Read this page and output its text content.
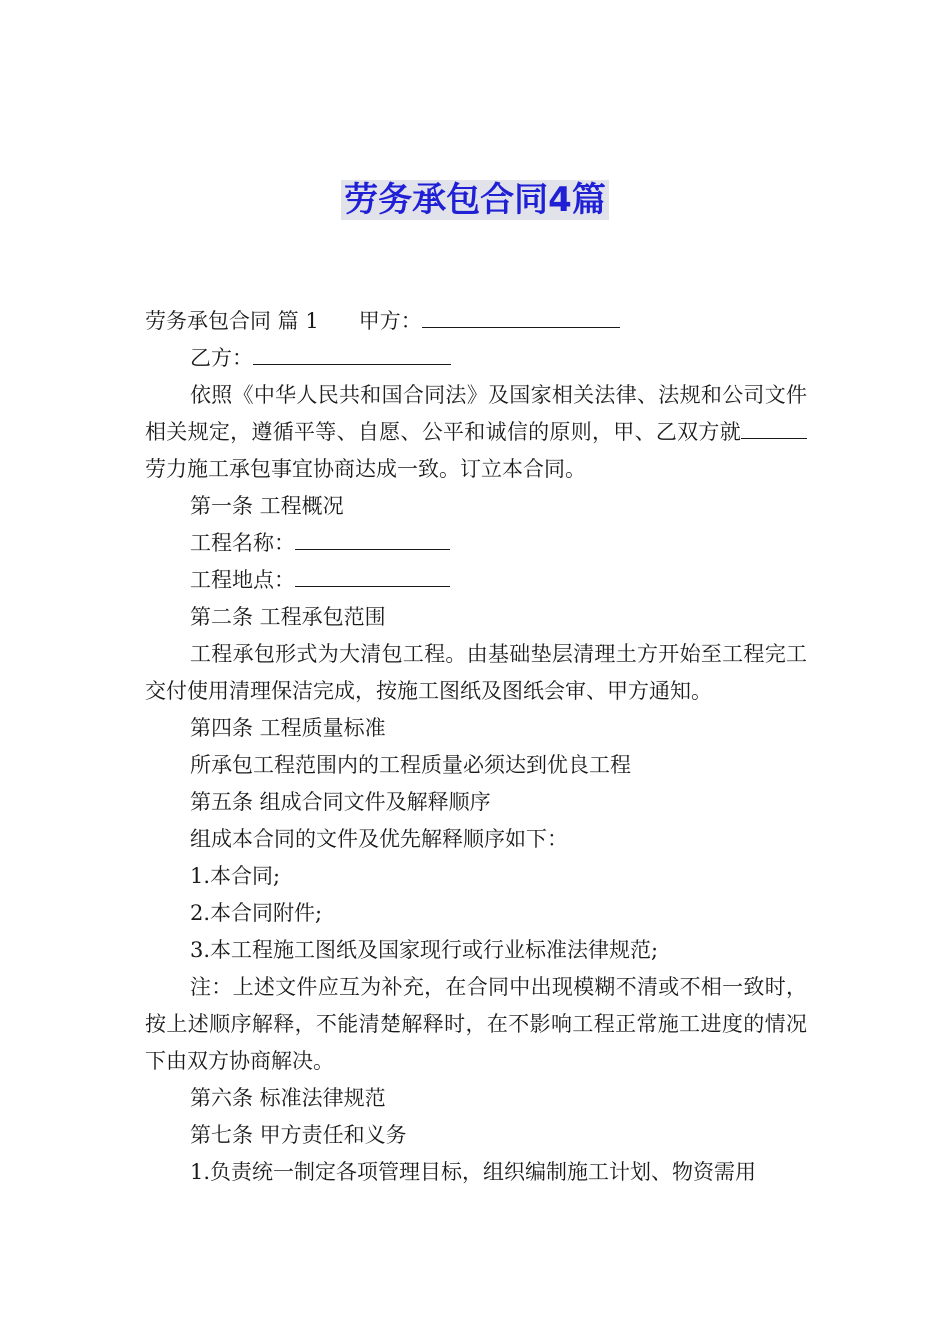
劳务承包合同4篇

劳务承包合同 篇 1 甲方：

乙方：

依照《中华人民共和国合同法》及国家相关法律、法规和公司文件相关规定，遵循平等、自愿、公平和诚信的原则，甲、乙双方就劳力施工承包事宜协商达成一致。订立本合同。

第一条 工程概况

工程名称：

工程地点：

第二条 工程承包范围

工程承包形式为大清包工程。由基础垫层清理土方开始至工程完工交付使用清理保洁完成，按施工图纸及图纸会审、甲方通知。

第四条 工程质量标准

所承包工程范围内的工程质量必须达到优良工程

第五条 组成合同文件及解释顺序

组成本合同的文件及优先解释顺序如下：

1.本合同;

2.本合同附件;

3.本工程施工图纸及国家现行或行业标准法律规范;

注：上述文件应互为补充，在合同中出现模糊不清或不相一致时，按上述顺序解释，不能清楚解释时，在不影响工程正常施工进度的情况下由双方协商解决。

第六条 标准法律规范

第七条 甲方责任和义务

1.负责统一制定各项管理目标，组织编制施工计划、物资需用
